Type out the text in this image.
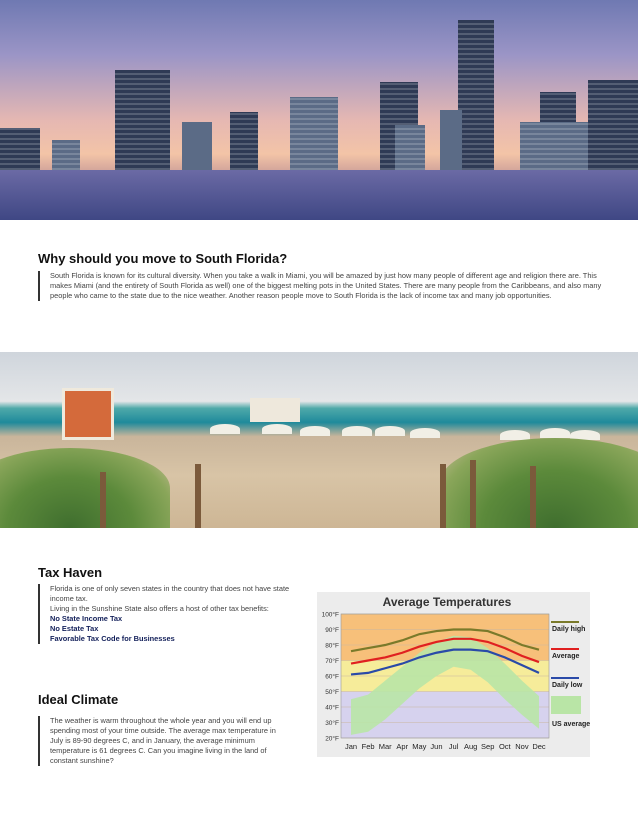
Why should you move to South Florida?
South Florida is known for its cultural diversity. When you take a walk in Miami, you will be amazed by just how many people of different age and religion there are. This makes Miami (and the entirety of South Florida as well) one of the biggest melting pots in the United States. There are many people from the Caribbeans, and also many people who came to the state due to the nice weather. Another reason people move to South Florida is the lack of income tax and many job opportunities.
Tax Haven
Florida is one of only seven states in the country that does not have state income tax.
Living in the Sunshine State also offers a host of other tax benefits:
No State Income Tax
No Estate Tax
Favorable Tax Code for Businesses
Ideal Climate
The weather is warm throughout the whole year and you will end up spending most of your time outside. The average max temperature in July is 89-90 degrees C, and in January, the average minimum temperature is 61 degrees C. Can you imagine living in the land of constant sunshine?
Average Temperatures
100°F
90°F
80°F
70°F
60°F
50°F
40°F
30°F
20°F
Jan Feb Mar Apr May Jun Jul Aug Sep Oct Nov Dec
Daily high
Average
Daily low
US average
